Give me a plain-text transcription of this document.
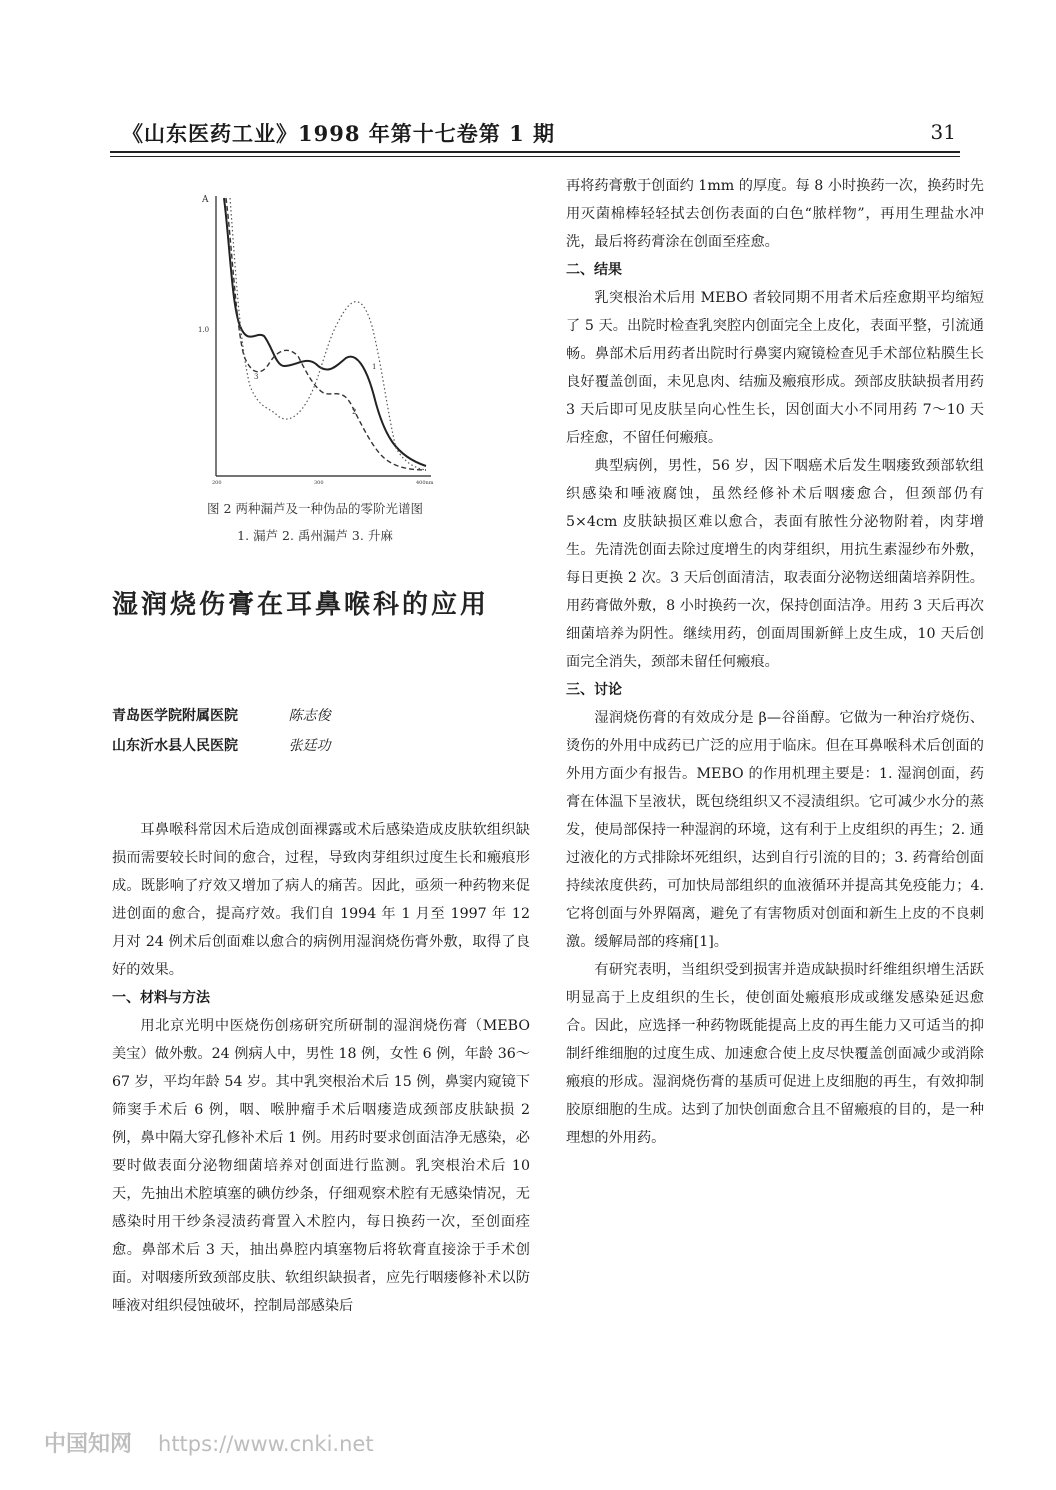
《山东医药工业》1998 年第十七卷第 1 期	31
A
1.0
200	300	400nm
1
2
3
图 2 两种漏芦及一种伪品的零阶光谱图
1. 漏芦 2. 禹州漏芦 3. 升麻
湿润烧伤膏在耳鼻喉科的应用
青岛医学院附属医院	陈志俊
山东沂水县人民医院	张廷功

耳鼻喉科常因术后造成创面裸露或术后感染造成皮肤软组织缺损而需要较长时间的愈合，过程，导致肉芽组织过度生长和瘢痕形成。既影响了疗效又增加了病人的痛苦。因此，亟须一种药物来促进创面的愈合，提高疗效。我们自 1994 年 1 月至 1997 年 12 月对 24 例术后创面难以愈合的病例用湿润烧伤膏外敷，取得了良好的效果。

一、材料与方法

用北京光明中医烧伤创疡研究所研制的湿润烧伤膏（MEBO 美宝）做外敷。24 例病人中，男性 18 例，女性 6 例，年龄 36～67 岁，平均年龄 54 岁。其中乳突根治术后 15 例，鼻窦内窥镜下筛窦手术后 6 例，咽、喉肿瘤手术后咽瘘造成颈部皮肤缺损 2 例，鼻中隔大穿孔修补术后 1 例。用药时要求创面洁净无感染，必要时做表面分泌物细菌培养对创面进行监测。乳突根治术后 10 天，先抽出术腔填塞的碘仿纱条，仔细观察术腔有无感染情况，无感染时用干纱条浸渍药膏置入术腔内，每日换药一次，至创面痊愈。鼻部术后 3 天，抽出鼻腔内填塞物后将软膏直接涂于手术创面。对咽瘘所致颈部皮肤、软组织缺损者，应先行咽瘘修补术以防唾液对组织侵蚀破坏，控制局部感染后

再将药膏敷于创面约 1mm 的厚度。每 8 小时换药一次，换药时先用灭菌棉棒轻轻拭去创伤表面的白色“脓样物”，再用生理盐水冲洗，最后将药膏涂在创面至痊愈。

二、结果

乳突根治术后用 MEBO 者较同期不用者术后痊愈期平均缩短了 5 天。出院时检查乳突腔内创面完全上皮化，表面平整，引流通畅。鼻部术后用药者出院时行鼻窦内窥镜检查见手术部位粘膜生长良好覆盖创面，未见息肉、结痂及瘢痕形成。颈部皮肤缺损者用药 3 天后即可见皮肤呈向心性生长，因创面大小不同用药 7～10 天后痊愈，不留任何瘢痕。

典型病例，男性，56 岁，因下咽癌术后发生咽瘘致颈部软组织感染和唾液腐蚀，虽然经修补术后咽瘘愈合，但颈部仍有 5×4cm 皮肤缺损区难以愈合，表面有脓性分泌物附着，肉芽增生。先清洗创面去除过度增生的肉芽组织，用抗生素湿纱布外敷，每日更换 2 次。3 天后创面清洁，取表面分泌物送细菌培养阴性。用药膏做外敷，8 小时换药一次，保持创面洁净。用药 3 天后再次细菌培养为阴性。继续用药，创面周围新鲜上皮生成，10 天后创面完全消失，颈部未留任何瘢痕。

三、讨论

湿润烧伤膏的有效成分是 β—谷甾醇。它做为一种治疗烧伤、烫伤的外用中成药已广泛的应用于临床。但在耳鼻喉科术后创面的外用方面少有报告。MEBO 的作用机理主要是：1. 湿润创面，药膏在体温下呈液状，既包绕组织又不浸渍组织。它可减少水分的蒸发，使局部保持一种湿润的环境，这有利于上皮组织的再生；2. 通过液化的方式排除坏死组织，达到自行引流的目的；3. 药膏给创面持续浓度供药，可加快局部组织的血液循环并提高其免疫能力；4. 它将创面与外界隔离，避免了有害物质对创面和新生上皮的不良刺激。缓解局部的疼痛[1]。

有研究表明，当组织受到损害并造成缺损时纤维组织增生活跃明显高于上皮组织的生长，使创面处瘢痕形成或继发感染延迟愈合。因此，应选择一种药物既能提高上皮的再生能力又可适当的抑制纤维细胞的过度生成、加速愈合使上皮尽快覆盖创面减少或消除瘢痕的形成。湿润烧伤膏的基质可促进上皮细胞的再生，有效抑制胶原细胞的生成。达到了加快创面愈合且不留瘢痕的目的，是一种理想的外用药。

中国知网 https://www.cnki.net
